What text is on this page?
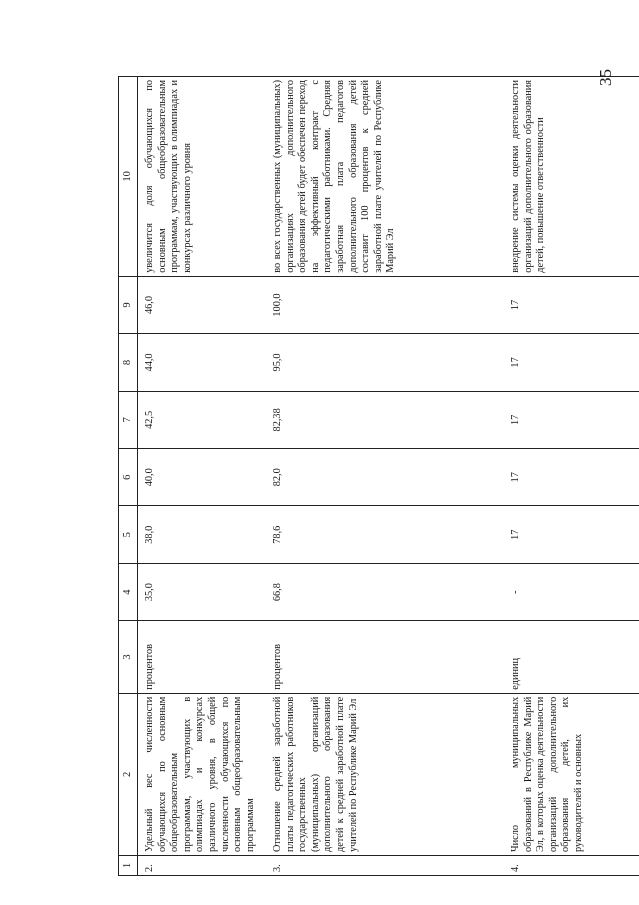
35
1	2	3	4	5	6	7	8	9	10
2.	Удельный вес численности обучающихся по основным общеобразовательным программам, участвующих в олимпиадах и конкурсах различного уровня, в общей численности обучающихся по основным общеобразовательным программам	процентов	35,0	38,0	40,0	42,5	44,0	46,0	увеличится доля обучающихся по основным общеобразовательным программам, участвующих в олимпиадах и конкурсах различного уровня
3.	Отношение средней заработной платы педагогических работников государственных (муниципальных) организаций дополнительного образования детей к средней заработной плате учителей по Республике Марий Эл	процентов	66,8	78,6	82,0	82,38	95,0	100,0	во всех государственных (муниципальных) организациях дополнительного образования детей будет обеспечен переход на эффективный контракт с педагогическими работниками. Средняя заработная плата педагогов дополнительного образования детей составит 100 процентов к средней заработной плате учителей по Республике Марий Эл
4.	Число муниципальных образований в Республике Марий Эл, в которых оценка деятельности организаций дополнительного образования детей, их руководителей и основных	единиц	-	17	17	17	17	17	внедрение системы оценки деятельности организаций дополнительного образования детей, повышение ответственности
